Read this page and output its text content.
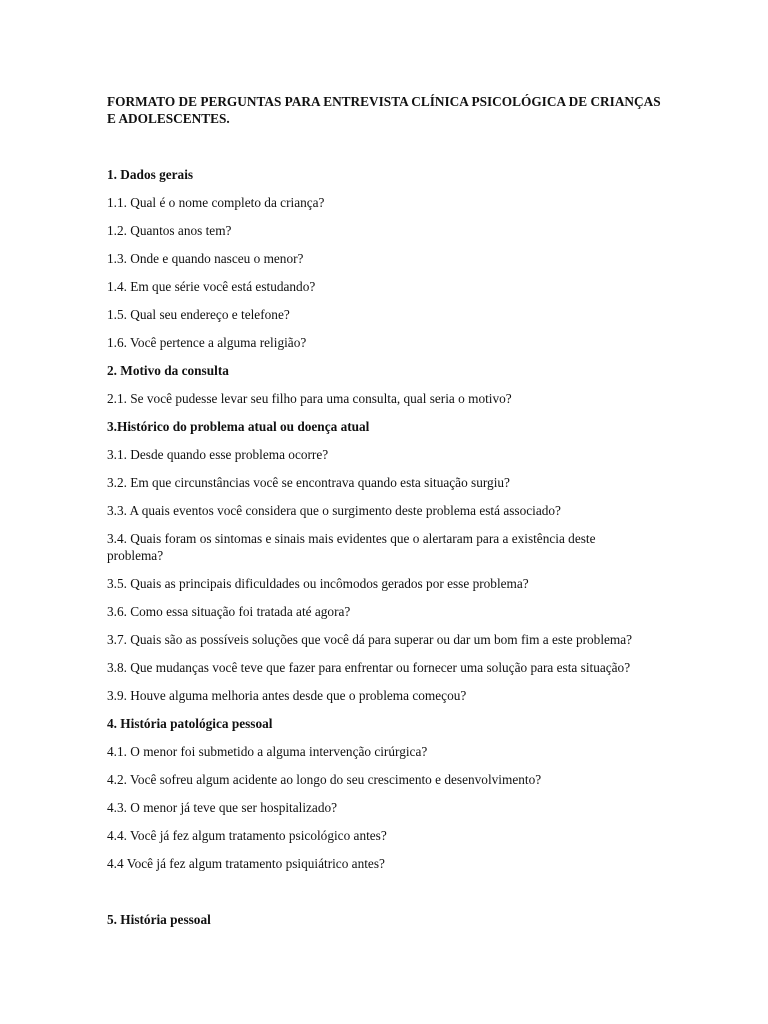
FORMATO DE PERGUNTAS PARA ENTREVISTA CLÍNICA PSICOLÓGICA DE CRIANÇAS E ADOLESCENTES.
1. Dados gerais
1.1. Qual é o nome completo da criança?
1.2. Quantos anos tem?
1.3. Onde e quando nasceu o menor?
1.4. Em que série você está estudando?
1.5. Qual seu endereço e telefone?
1.6. Você pertence a alguma religião?
2. Motivo da consulta
2.1. Se você pudesse levar seu filho para uma consulta, qual seria o motivo?
3.Histórico do problema atual ou doença atual
3.1. Desde quando esse problema ocorre?
3.2. Em que circunstâncias você se encontrava quando esta situação surgiu?
3.3. A quais eventos você considera que o surgimento deste problema está associado?
3.4. Quais foram os sintomas e sinais mais evidentes que o alertaram para a existência deste problema?
3.5. Quais as principais dificuldades ou incômodos gerados por esse problema?
3.6. Como essa situação foi tratada até agora?
3.7. Quais são as possíveis soluções que você dá para superar ou dar um bom fim a este problema?
3.8. Que mudanças você teve que fazer para enfrentar ou fornecer uma solução para esta situação?
3.9. Houve alguma melhoria antes desde que o problema começou?
4. História patológica pessoal
4.1. O menor foi submetido a alguma intervenção cirúrgica?
4.2. Você sofreu algum acidente ao longo do seu crescimento e desenvolvimento?
4.3. O menor já teve que ser hospitalizado?
4.4. Você já fez algum tratamento psicológico antes?
4.4 Você já fez algum tratamento psiquiátrico antes?
5. História pessoal
